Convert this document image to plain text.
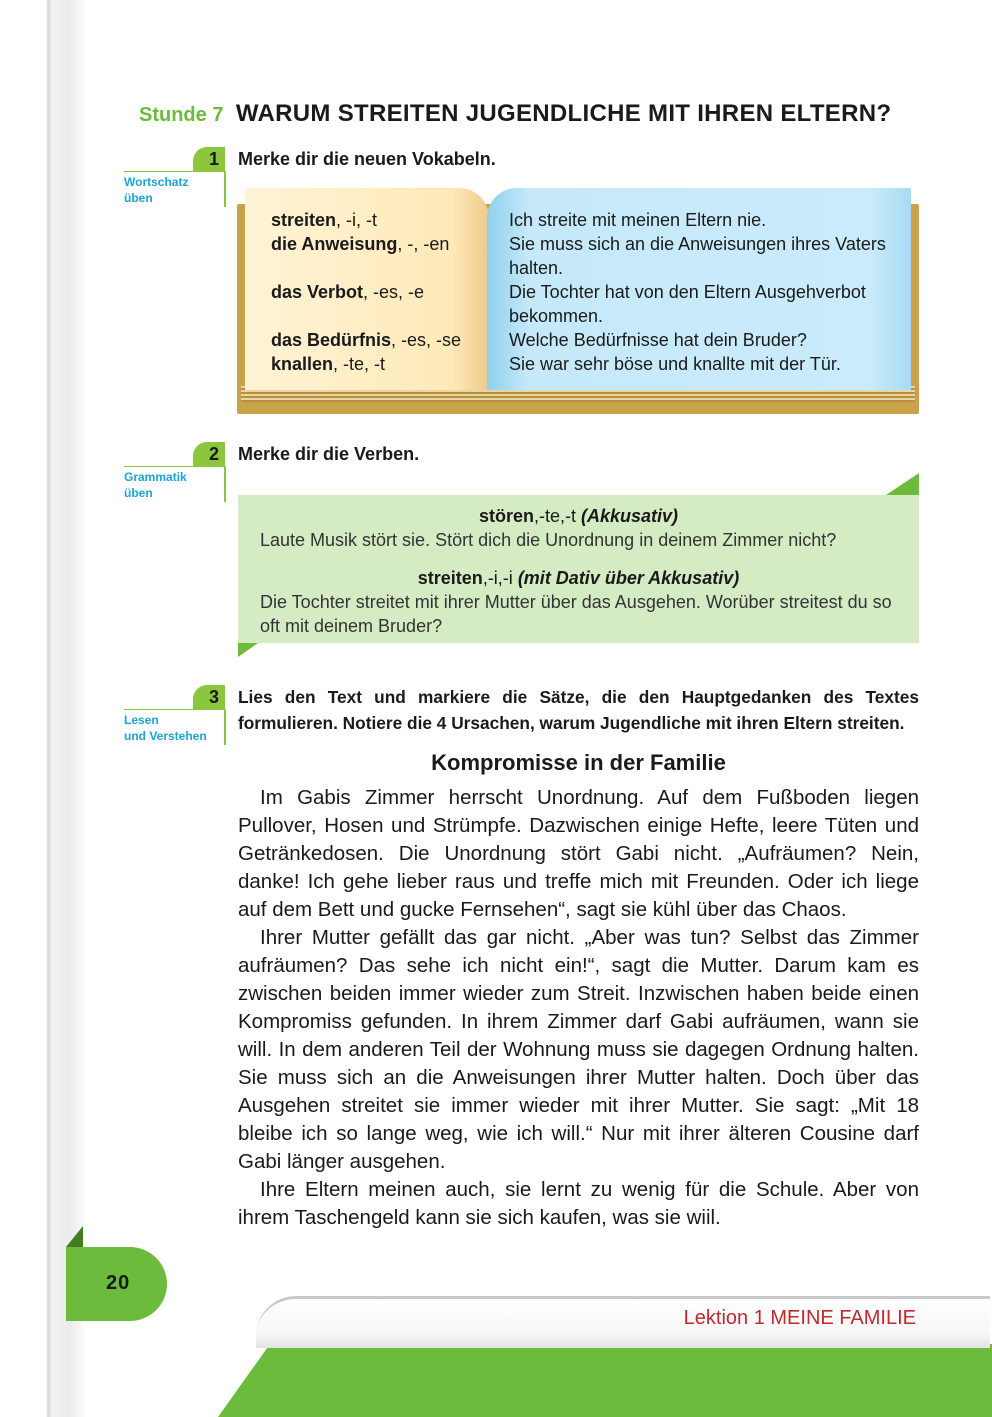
Stunde 7 WARUM STREITEN JUGENDLICHE MIT IHREN ELTERN?
1
Wortschatz
üben
Merke dir die neuen Vokabeln.
streiten, -i, -t
die Anweisung, -, -en
das Verbot, -es, -e
das Bedürfnis, -es, -se
knallen, -te, -t
Ich streite mit meinen Eltern nie.
Sie muss sich an die Anweisungen ihres Vaters halten.
Die Tochter hat von den Eltern Ausgehverbot bekommen.
Welche Bedürfnisse hat dein Bruder?
Sie war sehr böse und knallte mit der Tür.
2
Grammatik
üben
Merke dir die Verben.
stören,-te,-t (Akkusativ)
Laute Musik stört sie. Stört dich die Unordnung in deinem Zimmer nicht?
streiten,-i,-i (mit Dativ über Akkusativ)
Die Tochter streitet mit ihrer Mutter über das Ausgehen. Worüber streitest du so oft mit deinem Bruder?
3
Lesen
und Verstehen
Lies den Text und markiere die Sätze, die den Hauptgedanken des Textes formulieren. Notiere die 4 Ursachen, warum Jugendliche mit ihren Eltern streiten.
Kompromisse in der Familie

Im Gabis Zimmer herrscht Unordnung. Auf dem Fußboden liegen Pullover, Hosen und Strümpfe. Dazwischen einige Hefte, leere Tüten und Getränkedosen. Die Unordnung stört Gabi nicht. „Aufräumen? Nein, danke! Ich gehe lieber raus und treffe mich mit Freunden. Oder ich liege auf dem Bett und gucke Fernsehen“, sagt sie kühl über das Chaos.

Ihrer Mutter gefällt das gar nicht. „Aber was tun? Selbst das Zimmer aufräumen? Das sehe ich nicht ein!“, sagt die Mutter. Darum kam es zwischen beiden immer wieder zum Streit. Inzwischen haben beide einen Kompromiss gefunden. In ihrem Zimmer darf Gabi aufräumen, wann sie will. In dem anderen Teil der Wohnung muss sie dagegen Ordnung halten. Sie muss sich an die Anweisungen ihrer Mutter halten. Doch über das Ausgehen streitet sie immer wieder mit ihrer Mutter. Sie sagt: „Mit 18 bleibe ich so lange weg, wie ich will.“ Nur mit ihrer älteren Cousine darf Gabi länger ausgehen.

Ihre Eltern meinen auch, sie lernt zu wenig für die Schule. Aber von ihrem Taschengeld kann sie sich kaufen, was sie wiil.

20
Lektion 1 MEINE FAMILIE
